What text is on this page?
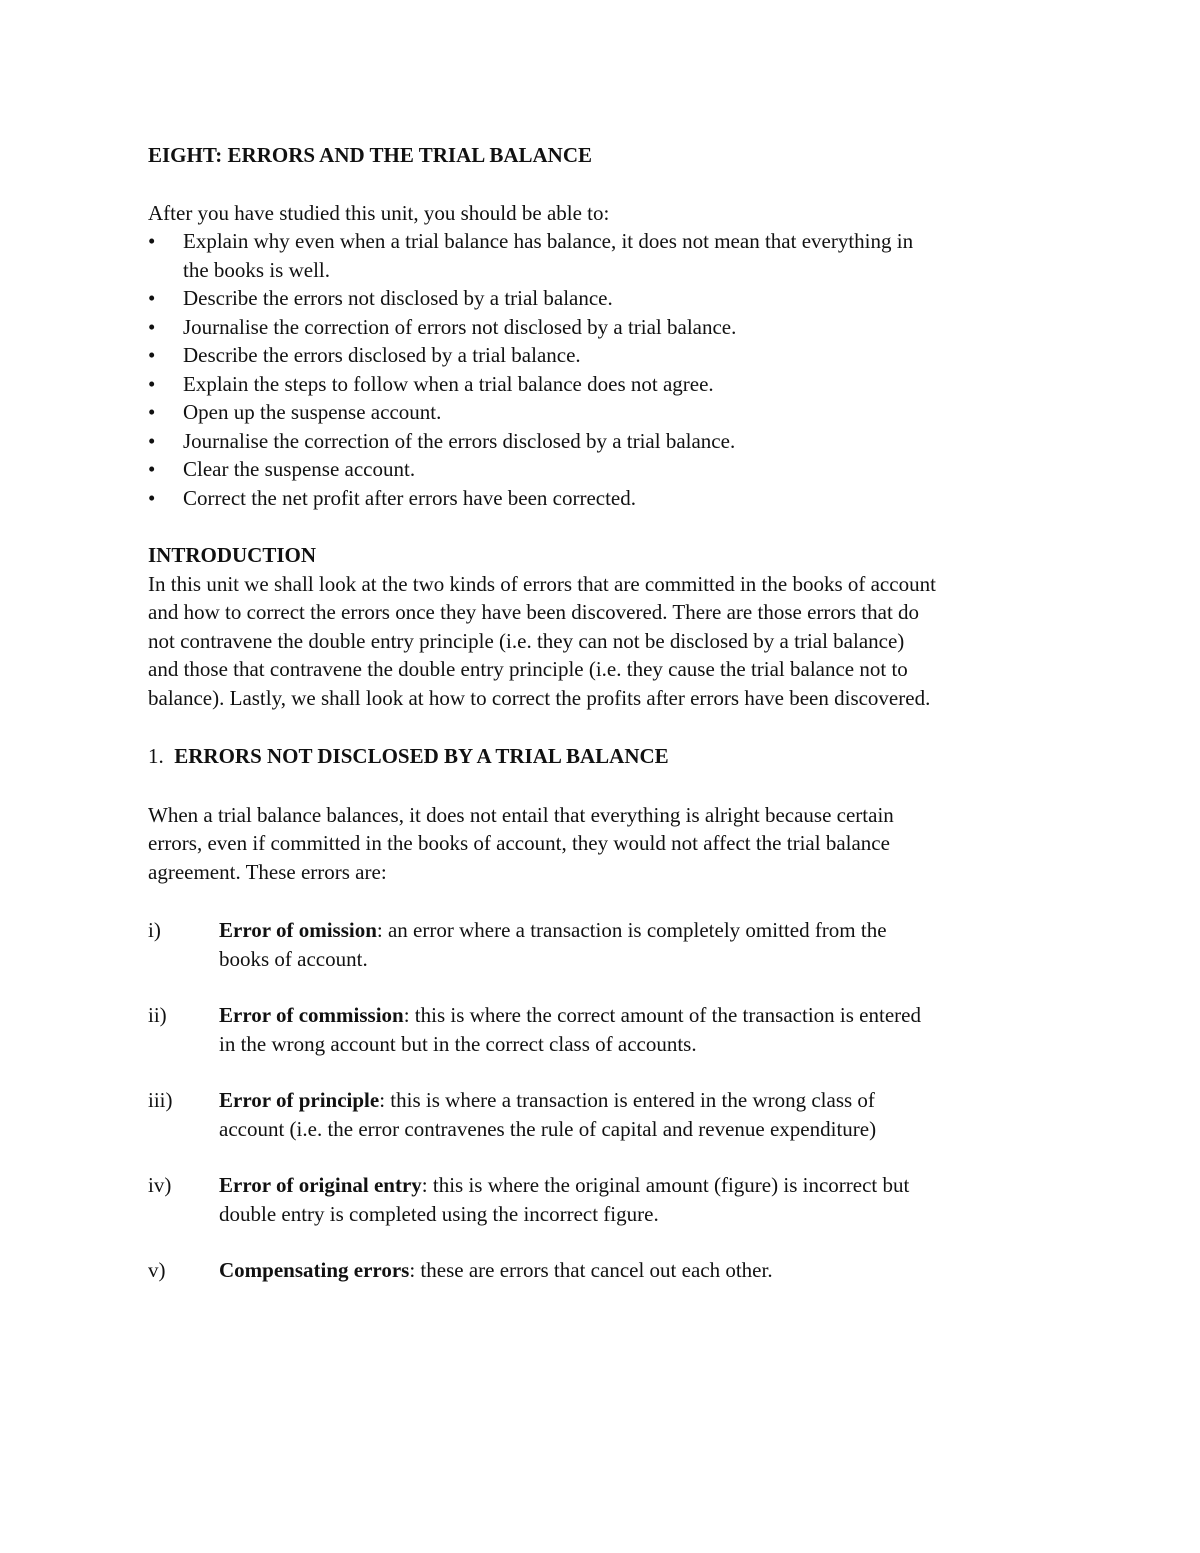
EIGHT: ERRORS AND THE TRIAL BALANCE

After you have studied this unit, you should be able to:

• Explain why even when a trial balance has balance, it does not mean that everything in the books is well.
• Describe the errors not disclosed by a trial balance.
• Journalise the correction of errors not disclosed by a trial balance.
• Describe the errors disclosed by a trial balance.
• Explain the steps to follow when a trial balance does not agree.
• Open up the suspense account.
• Journalise the correction of the errors disclosed by a trial balance.
• Clear the suspense account.
• Correct the net profit after errors have been corrected.

INTRODUCTION

In this unit we shall look at the two kinds of errors that are committed in the books of account and how to correct the errors once they have been discovered. There are those errors that do not contravene the double entry principle (i.e. they can not be disclosed by a trial balance) and those that contravene the double entry principle (i.e. they cause the trial balance not to balance). Lastly, we shall look at how to correct the profits after errors have been discovered.

1. ERRORS NOT DISCLOSED BY A TRIAL BALANCE

When a trial balance balances, it does not entail that everything is alright because certain errors, even if committed in the books of account, they would not affect the trial balance agreement. These errors are:

i)	Error of omission: an error where a transaction is completely omitted from the books of account.

ii) Error of commission: this is where the correct amount of the transaction is entered in the wrong account but in the correct class of accounts.

iii) Error of principle: this is where a transaction is entered in the wrong class of account (i.e. the error contravenes the rule of capital and revenue expenditure)

iv) Error of original entry: this is where the original amount (figure) is incorrect but double entry is completed using the incorrect figure.

v)	Compensating errors: these are errors that cancel out each other.
